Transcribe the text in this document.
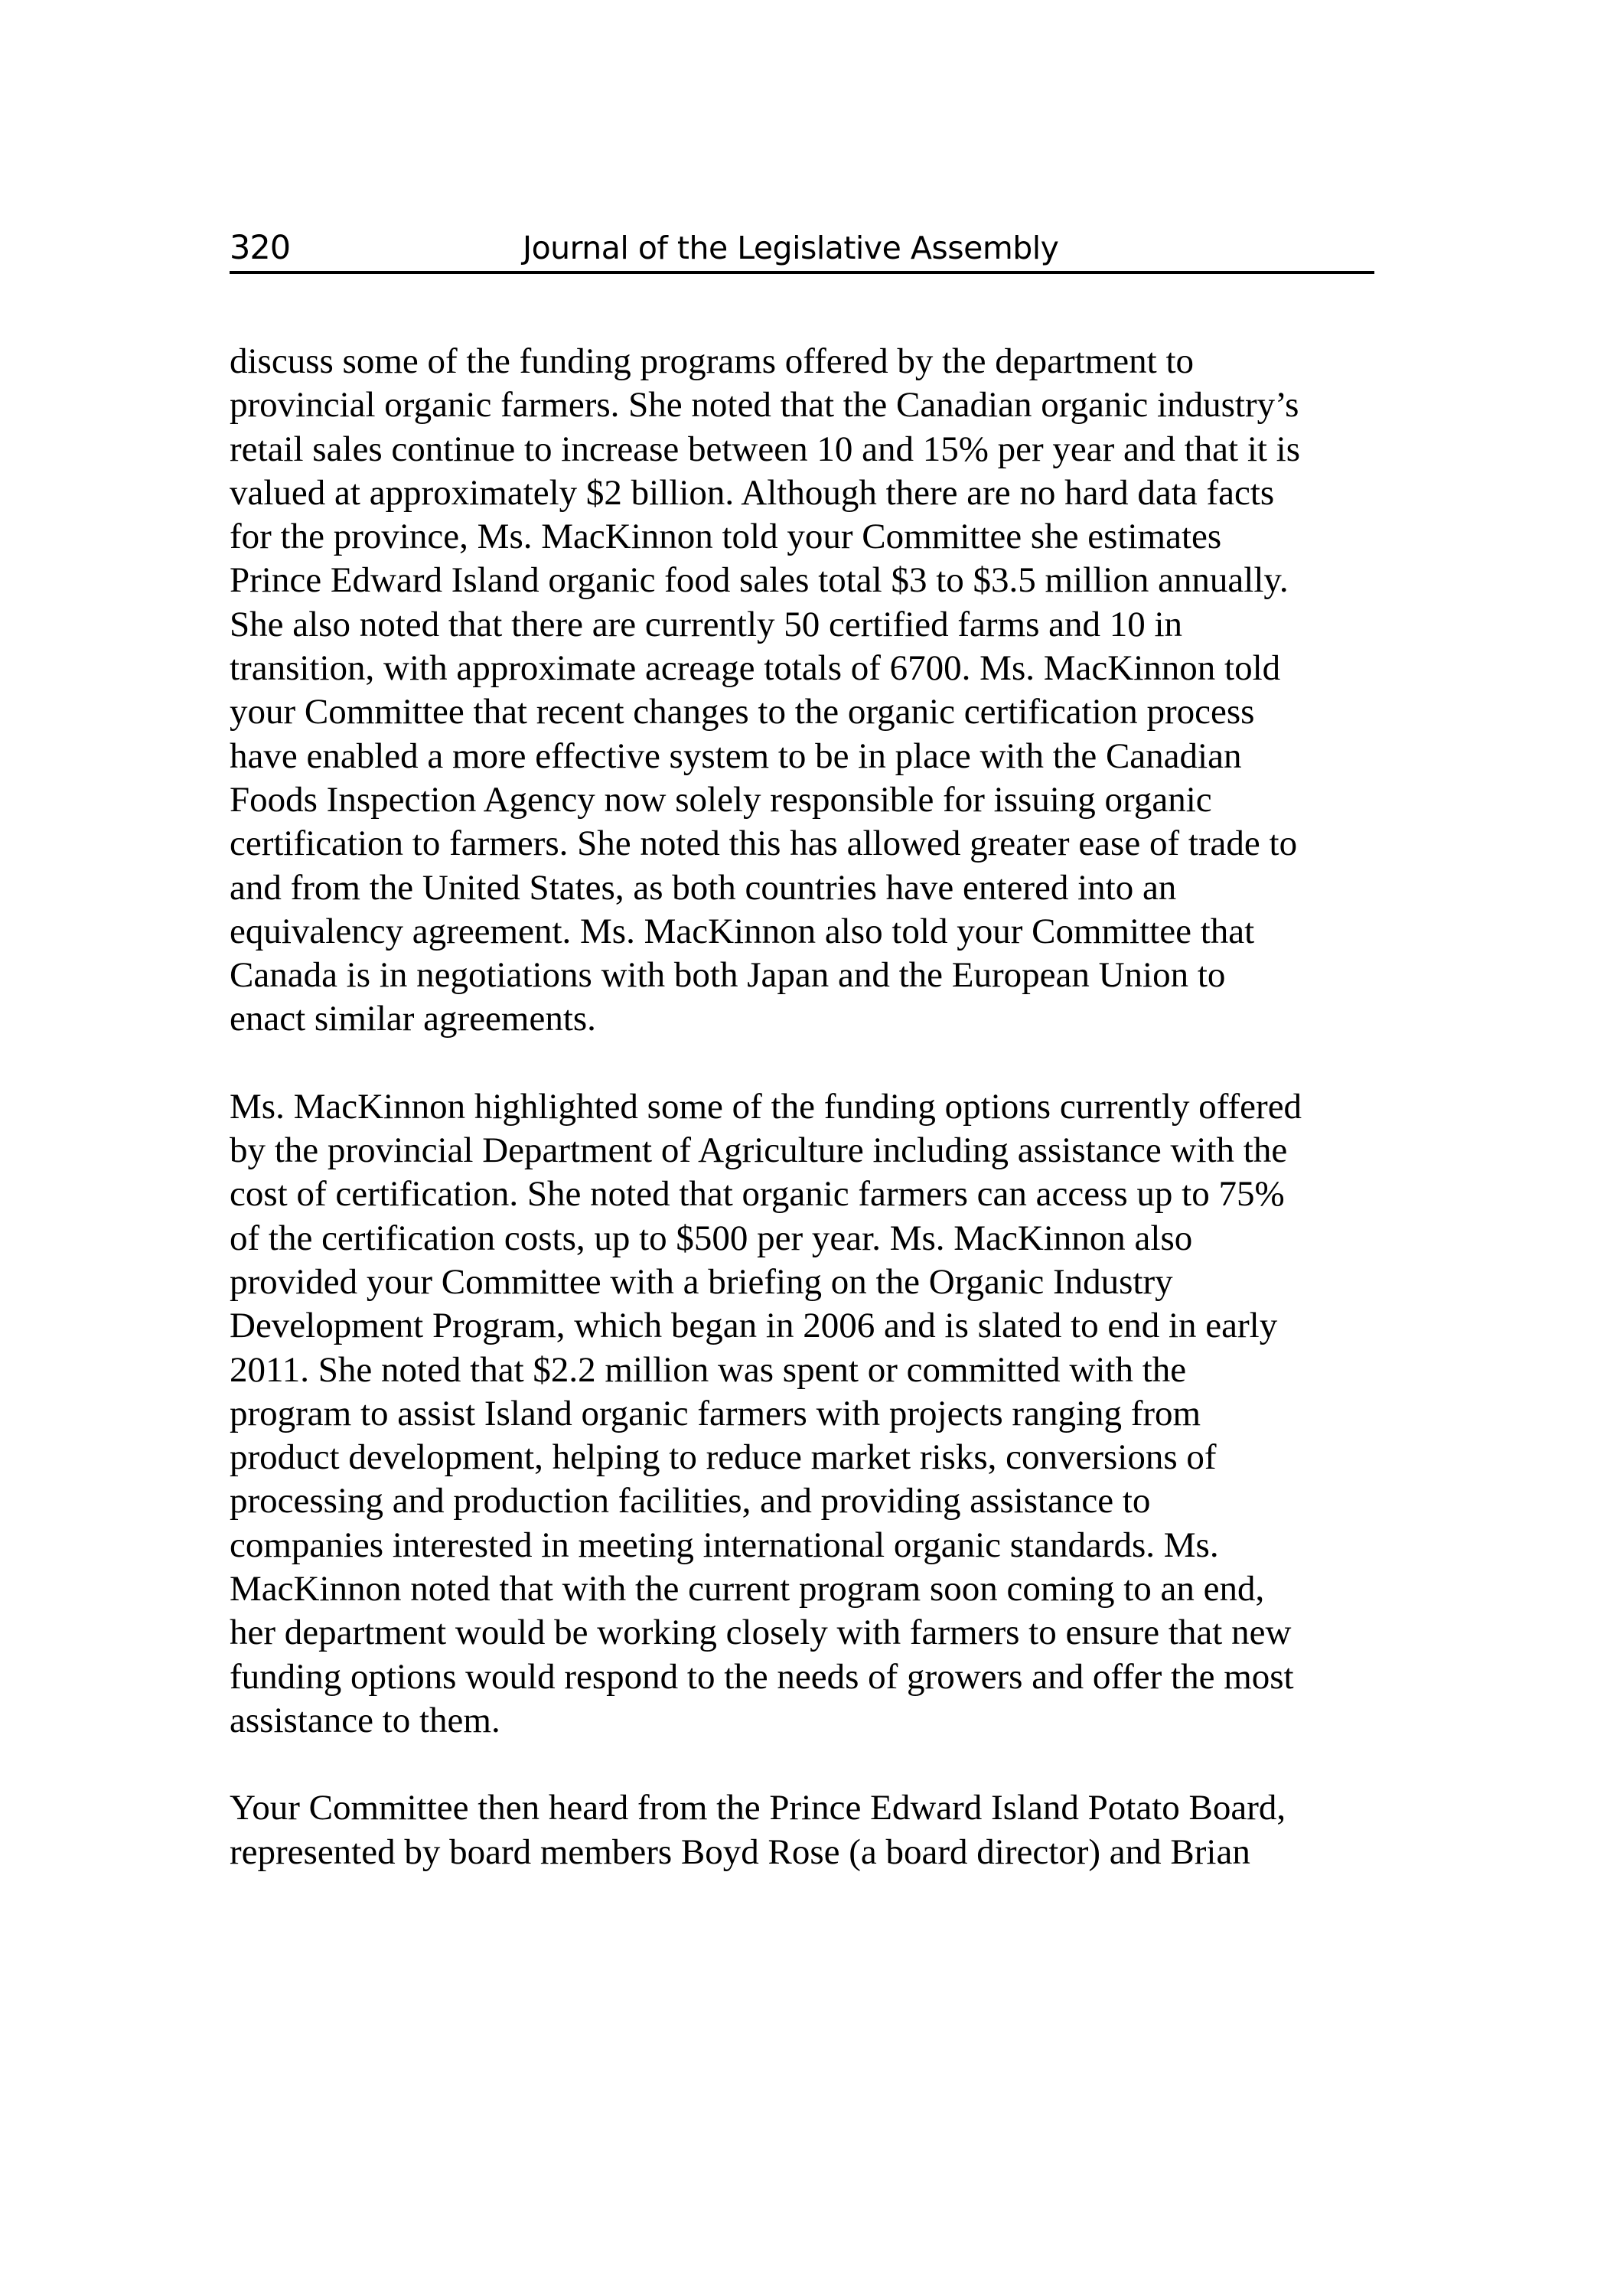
320	Journal of the Legislative Assembly
discuss some of the funding programs offered by the department to
provincial organic farmers. She noted that the Canadian organic industry’s
retail sales continue to increase between 10 and 15% per year and that it is
valued at approximately $2 billion. Although there are no hard data facts
for the province, Ms. MacKinnon told your Committee she estimates
Prince Edward Island organic food sales total $3 to $3.5 million annually.
She also noted that there are currently 50 certified farms and 10 in
transition, with approximate acreage totals of 6700. Ms. MacKinnon told
your Committee that recent changes to the organic certification process
have enabled a more effective system to be in place with the Canadian
Foods Inspection Agency now solely responsible for issuing organic
certification to farmers. She noted this has allowed greater ease of trade to
and from the United States, as both countries have entered into an
equivalency agreement. Ms. MacKinnon also told your Committee that
Canada is in negotiations with both Japan and the European Union to
enact similar agreements.
Ms. MacKinnon highlighted some of the funding options currently offered
by the provincial Department of Agriculture including assistance with the
cost of certification. She noted that organic farmers can access up to 75%
of the certification costs, up to $500 per year. Ms. MacKinnon also
provided your Committee with a briefing on the Organic Industry
Development Program, which began in 2006 and is slated to end in early
2011. She noted that $2.2 million was spent or committed with the
program to assist Island organic farmers with projects ranging from
product development, helping to reduce market risks, conversions of
processing and production facilities, and providing assistance to
companies interested in meeting international organic standards. Ms.
MacKinnon noted that with the current program soon coming to an end,
her department would be working closely with farmers to ensure that new
funding options would respond to the needs of growers and offer the most
assistance to them.
Your Committee then heard from the Prince Edward Island Potato Board,
represented by board members Boyd Rose (a board director) and Brian
